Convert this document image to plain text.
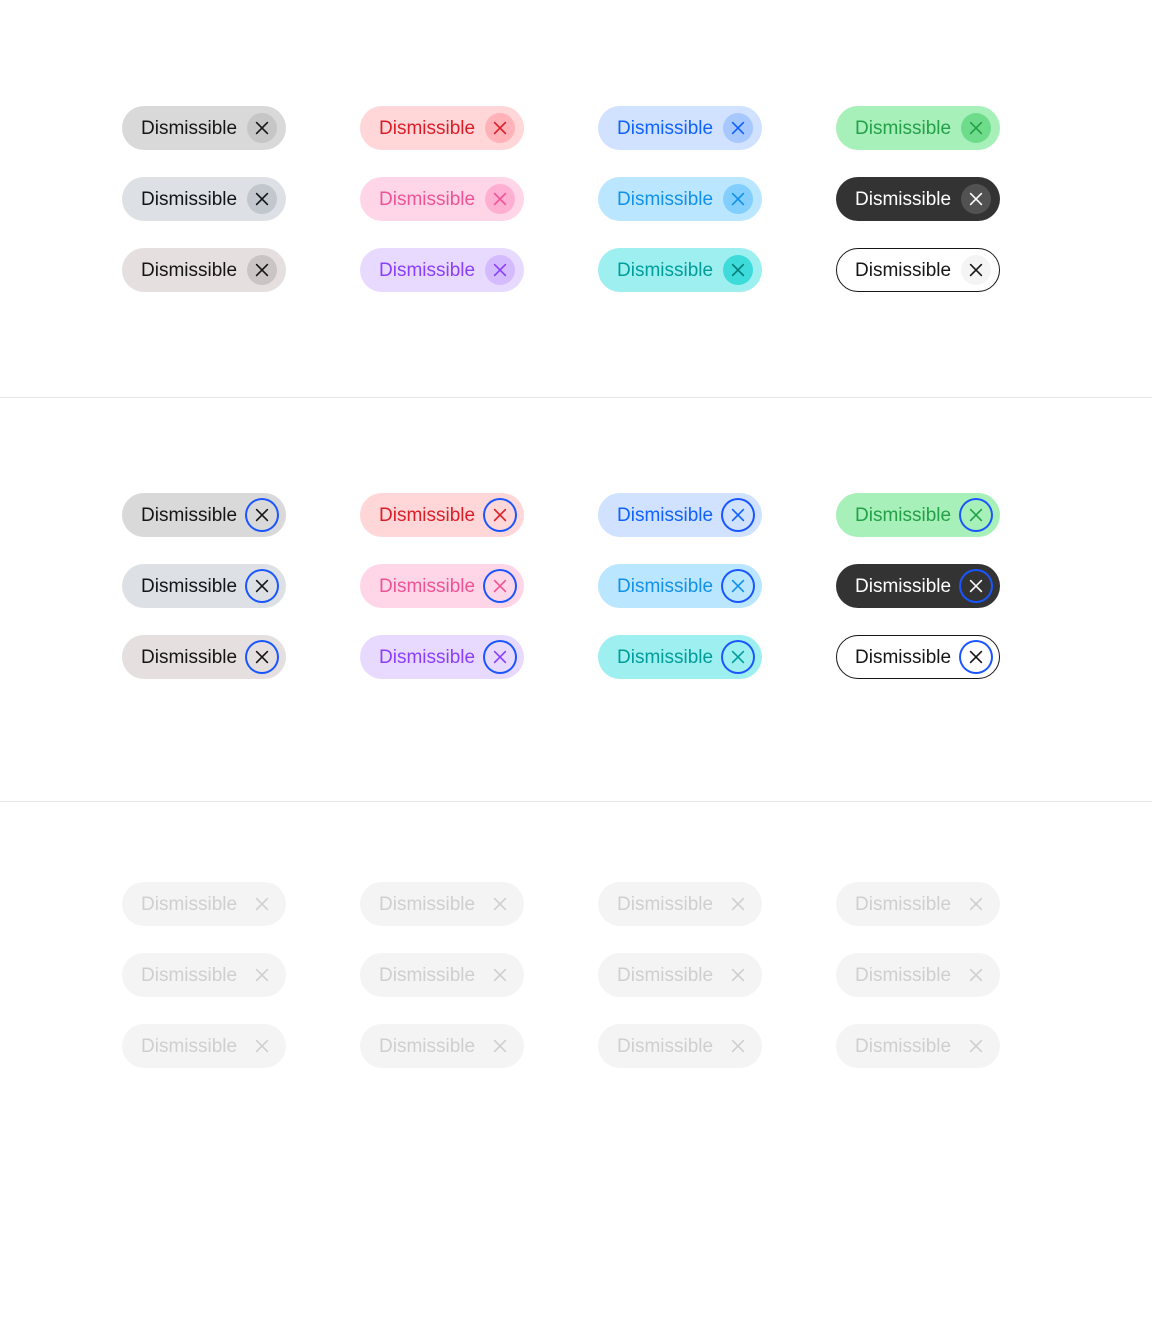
Dismissible	Dismissible	Dismissible	Dismissible
Dismissible	Dismissible	Dismissible	Dismissible
Dismissible	Dismissible	Dismissible	Dismissible
Dismissible	Dismissible	Dismissible	Dismissible
Dismissible	Dismissible	Dismissible	Dismissible
Dismissible	Dismissible	Dismissible	Dismissible
Dismissible	Dismissible	Dismissible	Dismissible
Dismissible	Dismissible	Dismissible	Dismissible
Dismissible	Dismissible	Dismissible	Dismissible
